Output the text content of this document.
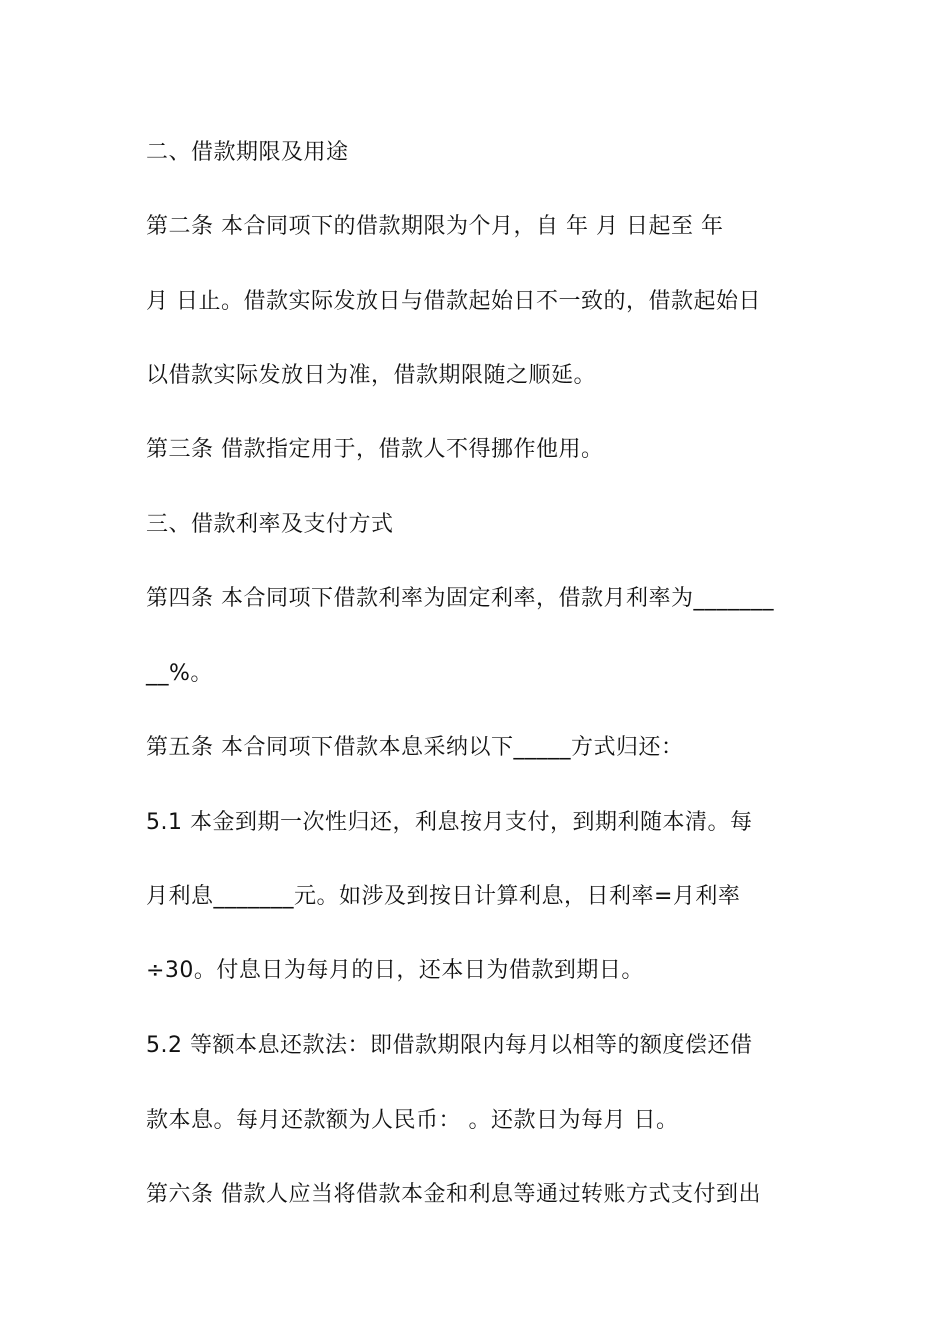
二、借款期限及用途
第二条 本合同项下的借款期限为个月，自 年 月 日起至 年
月 日止。借款实际发放日与借款起始日不一致的，借款起始日
以借款实际发放日为准，借款期限随之顺延。
第三条 借款指定用于，借款人不得挪作他用。
三、借款利率及支付方式
第四条 本合同项下借款利率为固定利率，借款月利率为_______
__%。
第五条 本合同项下借款本息采纳以下_____方式归还：
5.1 本金到期一次性归还，利息按月支付，到期利随本清。每
月利息_______元。如涉及到按日计算利息，日利率=月利率
÷30。付息日为每月的日，还本日为借款到期日。
5.2 等额本息还款法：即借款期限内每月以相等的额度偿还借
款本息。每月还款额为人民币： 。还款日为每月 日。
第六条 借款人应当将借款本金和利息等通过转账方式支付到出
